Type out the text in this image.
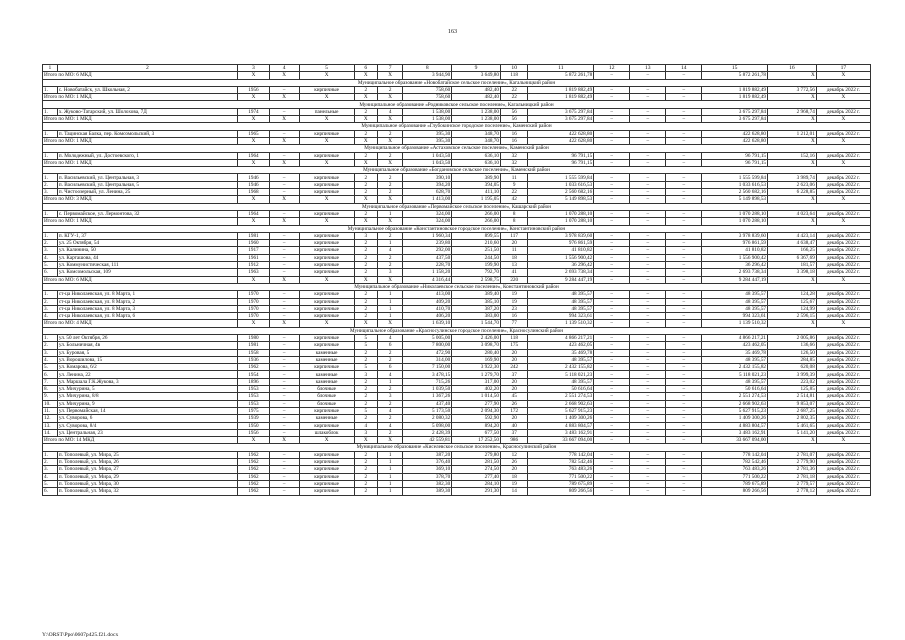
163
1	2	3	4	5	6	7	8	9	10	11	12	13	14	15	16	17
Итого по МО: 6 МКД		X	X	X	X	X	3 944,90	3 649,80	118	5 872 261,78	–	–	–	5 872 261,78	X	X
Муниципальное образование «Новобатайское сельское поселение», Кагальницкий район																
1.	с. Новобатайск, ул. Школьная, 2	1956	–	кирпичные	2	2	758,60	482,40	22	1 819 882,49	–	–	–	1 819 882,49	3 772,56	декабрь 2022 г.
Итого по МО: 1 МКД		X	X	X	X	X	758,60	482,40	22	1 819 882,49	–	–	–	1 819 882,49	X	X
Муниципальное образование «Родниковское сельское поселение», Кагальницкий район																
1.	х. Жуково-Татарский, ул. Шолохова, 7Д	1974	–	панельные	2	4	1 538,00	1 238,00	56	3 675 297,84	–	–	–	3 675 297,84	2 968,74	декабрь 2022 г.
Итого по МО: 1 МКД		X	X	X	X	X	1 538,00	1 238,00	56	3 675 297,84	–	–	–	3 675 297,84	X	X
Муниципальное образование «Глубокинское городское поселение», Каменский район																
1.	п. Тацинская Балка, пер. Комсомольский, 3	1965	–	кирпичные	2	2	395,30	348,70	16	422 628,80	–	–	–	422 628,80	1 212,01	декабрь 2022 г.
Итого по МО: 1 МКД		X	X	X	X	X	395,30	348,70	16	422 628,80	–	–	–	422 628,80	X	X
Муниципальное образование «Астаховское сельское поселение», Каменский район																
1.	п. Молодежный, ул. Достоевского, 1	1964	–	кирпичные	2	2	1 043,50	636,10	32	96 791,15	–	–	–	96 791,15	152,16	декабрь 2022 г.
Итого по МО: 1 МКД		X	X	X	X	X	1 043,50	636,10	32	96 791,15	–	–	–	96 791,15	X	X
Муниципальное образование «Богдановское сельское поселение», Каменский район																
1.	п. Васильевский, ул. Центральная, 3	1946	–	кирпичные	2	2	390,10	389,90	11	1 555 599,84	–	–	–	1 555 599,84	3 989,74	декабрь 2022 г.
2.	п. Васильевский, ул. Центральная, 5	1946	–	кирпичные	2	2	394,20	394,05	9	1 033 616,53	–	–	–	1 033 616,53	2 623,06	декабрь 2022 г.
3.	п. Чистоозерный, ул. Ленина, 25	1968	–	кирпичные	2	2	628,70	411,10	22	2 560 682,16	–	–	–	2 560 682,16	6 228,85	декабрь 2022 г.
Итого по МО: 3 МКД		X	X	X	X	X	1 413,00	1 195,05	42	5 149 898,53	–	–	–	5 149 898,53	X	X
Муниципальное образование «Первомайское сельское поселение», Кашарский район																
1.	с. Первомайское, ул. Лермонтова, 32	1964	–	кирпичные	2	1	324,00	266,00	8	1 070 288,10	–	–	–	1 070 288,10	4 023,64	декабрь 2022 г.
Итого по МО: 1 МКД		X	X	X	X	X	324,00	266,00	8	1 070 288,10	–	–	–	1 070 288,10	X	X
Муниципальное образование «Константиновское городское поселение», Константиновский район																
1.	п. КГУ-1, 37	1981	–	кирпичные	3	2	1 960,34	899,55	117	3 978 839,60	–	–	–	3 978 839,60	4 423,14	декабрь 2022 г.
2.	ул. 25 Октября, 54	1960	–	кирпичные	2	1	239,80	210,60	20	976 861,59	–	–	–	976 861,59	4 638,47	декабрь 2022 г.
3.	ул. Калинина, 50	1917	–	кирпичные	2	4	292,00	251,50	11	41 810,82	–	–	–	41 810,82	166,25	декабрь 2022 г.
4.	ул. Карташова, 44	1961	–	кирпичные	2	2	437,50	244,50	18	1 556 900,42	–	–	–	1 556 900,42	6 367,69	декабрь 2022 г.
5.	ул. Коммунистическая, 111	1912	–	кирпичные	2	2	228,70	199,90	13	36 296,42	–	–	–	36 296,42	181,57	декабрь 2022 г.
6.	ул. Комсомольская, 109	1963	–	кирпичные	2	3	1 158,20	792,70	41	2 693 738,34	–	–	–	2 693 738,34	3 398,18	декабрь 2022 г.
Итого по МО: 6 МКД		X	X	X	X	X	4 316,44	2 598,75	220	9 284 447,19	–	–	–	9 284 447,19	X	X
Муниципальное образование «Николаевское сельское поселение», Константиновский район																
1.	ст-ца Николаевская, ул. 8 Марта, 1	1970	–	кирпичные	2	1	413,00	389,40	19	48 395,57	–	–	–	48 395,57	124,28	декабрь 2022 г.
2.	ст-ца Николаевская, ул. 8 Марта, 2	1970	–	кирпичные	2	1	409,20	385,10	19	48 395,57	–	–	–	48 395,57	125,67	декабрь 2022 г.
3.	ст-ца Николаевская, ул. 8 Марта, 3	1970	–	кирпичные	2	1	410,70	387,20	23	48 395,57	–	–	–	48 395,57	124,99	декабрь 2022 г.
4.	ст-ца Николаевская, ул. 8 Марта, 6	1970	–	кирпичные	2	1	406,20	383,00	16	994 323,61	–	–	–	994 323,61	2 596,15	декабрь 2022 г.
Итого по МО: 4 МКД		X	X	X	X	X	1 639,10	1 544,70	77	1 139 510,32	–	–	–	1 139 510,32	X	X
Муниципальное образование «Красносулинское городское поселение», Красносулинский район																
1.	ул. 50 лет Октября, 26	1980	–	кирпичные	5	4	5 005,00	2 426,00	118	4 866 217,21	–	–	–	4 866 217,21	2 005,86	декабрь 2022 г.
2.	ул. Больничная, 4в	1981	–	кирпичные	5	6	7 800,00	3 098,70	175	423 462,05	–	–	–	423 462,05	136,66	декабрь 2022 г.
3.	ул. Буровая, 5	1958	–	каменные	2	2	472,90	280,40	20	35 469,78	–	–	–	35 469,78	126,50	декабрь 2022 г.
4.	ул. Ворошилова, 15	1936	–	каменные	2	2	314,00	169,90	20	48 395,57	–	–	–	48 395,57	284,85	декабрь 2022 г.
5.	ул. Комарова, 6/2	1962	–	кирпичные	5	6	7 150,00	3 922,30	242	2 432 155,82	–	–	–	2 432 155,82	620,08	декабрь 2022 г.
6.	ул. Ленина, 22	1954	–	каменные	3	4	3 478,15	1 279,70	37	5 118 021,23	–	–	–	5 118 021,23	3 999,39	декабрь 2022 г.
7.	ул. Маршала Г.К.Жукова, 3	1896	–	каменные	2	1	715,26	317,00	20	48 395,57	–	–	–	48 395,57	223,02	декабрь 2022 г.
8.	ул. Мичурина, 5	1953	–	блочные	2	2	1 039,50	402,20	20	50 616,64	–	–	–	50 616,64	125,85	декабрь 2022 г.
9.	ул. Мичурина, 8/8	1953	–	блочные	2	3	1 367,26	1 014,50	45	2 551 274,53	–	–	–	2 551 274,53	2 514,81	декабрь 2022 г.
10.	ул. Мичурина, 9	1953	–	блочные	2	2	437,40	277,90	26	2 668 902,63	–	–	–	2 668 902,63	9 853,07	декабрь 2022 г.
11.	ул. Первомайская, 14	1975	–	кирпичные	5	4	5 173,50	2 094,30	172	5 627 915,23	–	–	–	5 627 915,23	2 687,25	декабрь 2022 г.
12.	ул. Суворова, 6	1939	–	каменные	2	2	2 080,32	592,90	20	1 409 300,26	–	–	–	1 409 300,26	2 802,35	декабрь 2022 г.
13.	ул. Суворова, 8/4	1950	–	кирпичные	4	4	5 098,00	894,20	40	4 883 804,57	–	–	–	4 883 804,57	5 461,65	декабрь 2022 г.
14.	ул. Центральная, 23	1956	–	шлакоблок	3	2	2 428,39	677,50	37	3 483 162,91	–	–	–	3 483 162,91	5 141,20	декабрь 2022 г.
Итого по МО: 14 МКД		X	X	X	X	X	42 559,81	17 252,50	986	33 667 094,00	–	–	–	33 667 094,00	X	X
Муниципальное образование «Киселевское сельское поселение», Красносулинский район																
1.	п. Тополевый, ул. Мира, 25	1962	–	кирпичные	2	1	387,20	279,80	12	778 142,04	–	–	–	778 142,04	2 781,07	декабрь 2022 г.
2.	п. Тополевый, ул. Мира, 26	1962	–	кирпичные	2	1	376,40	281,50	26	782 542,46	–	–	–	782 542,46	2 779,90	декабрь 2022 г.
3.	п. Тополевый, ул. Мира, 27	1962	–	кирпичные	2	1	369,10	274,50	20	763 483,26	–	–	–	763 483,26	2 781,36	декабрь 2022 г.
4.	п. Тополевый, ул. Мира, 29	1962	–	кирпичные	2	1	378,70	277,40	18	771 500,22	–	–	–	771 500,22	2 781,18	декабрь 2022 г.
5.	п. Тополевый, ул. Мира, 30	1962	–	кирпичные	2	1	382,30	284,10	19	789 675,89	–	–	–	789 675,89	2 779,57	декабрь 2022 г.
6.	п. Тополевый, ул. Мира, 32	1962	–	кирпичные	2	1	389,30	291,30	14	809 266,56	–	–	–	809 266,56	2 778,12	декабрь 2022 г.
Y:\ORST\Ppo\0607p425.f21.docx
